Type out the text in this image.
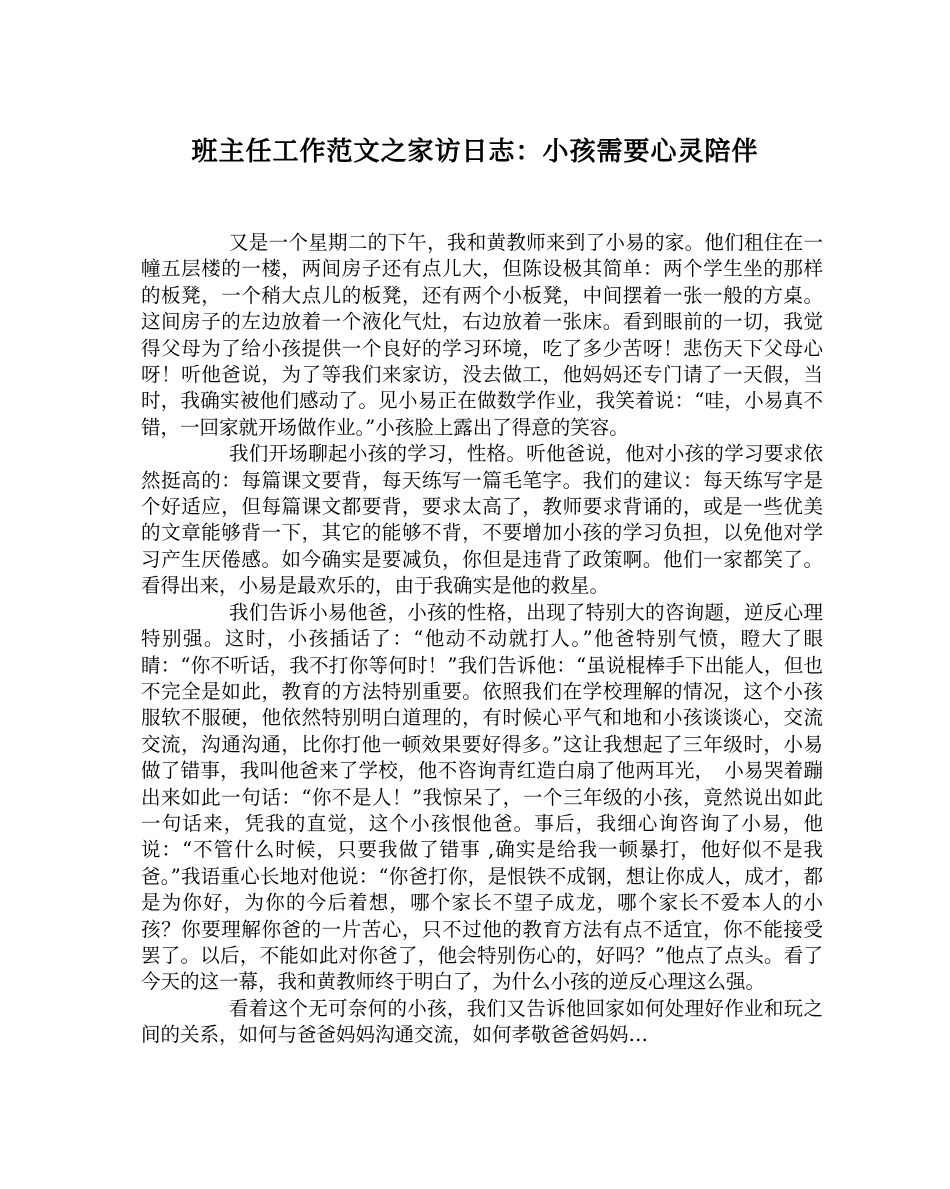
班主任工作范文之家访日志：小孩需要心灵陪伴

又是一个星期二的下午，我和黄教师来到了小易的家。他们租住在一幢五层楼的一楼，两间房子还有点儿大，但陈设极其简单：两个学生坐的那样的板凳，一个稍大点儿的板凳，还有两个小板凳，中间摆着一张一般的方桌。这间房子的左边放着一个液化气灶，右边放着一张床。看到眼前的一切，我觉得父母为了给小孩提供一个良好的学习环境，吃了多少苦呀！悲伤天下父母心呀！听他爸说，为了等我们来家访，没去做工，他妈妈还专门请了一天假，当时，我确实被他们感动了。见小易正在做数学作业，我笑着说：“哇，小易真不错，一回家就开场做作业。”小孩脸上露出了得意的笑容。

我们开场聊起小孩的学习，性格。听他爸说，他对小孩的学习要求依然挺高的：每篇课文要背，每天练写一篇毛笔字。我们的建议：每天练写字是个好适应，但每篇课文都要背，要求太高了，教师要求背诵的，或是一些优美的文章能够背一下，其它的能够不背，不要增加小孩的学习负担，以免他对学习产生厌倦感。如今确实是要减负，你但是违背了政策啊。他们一家都笑了。看得出来，小易是最欢乐的，由于我确实是他的救星。

我们告诉小易他爸，小孩的性格，出现了特别大的咨询题，逆反心理特别强。这时，小孩插话了：“他动不动就打人。”他爸特别气愤，瞪大了眼睛：“你不听话，我不打你等何时！”我们告诉他：“虽说棍棒手下出能人，但也不完全是如此，教育的方法特别重要。依照我们在学校理解的情况，这个小孩服软不服硬，他依然特别明白道理的，有时候心平气和地和小孩谈谈心，交流交流，沟通沟通，比你打他一顿效果要好得多。”这让我想起了三年级时，小易做了错事，我叫他爸来了学校，他不咨询青红造白扇了他两耳光，　小易哭着蹦出来如此一句话：“你不是人！”我惊呆了，一个三年级的小孩，竟然说出如此一句话来，凭我的直觉，这个小孩恨他爸。事后，我细心询咨询了小易，他说：“不管什么时候，只要我做了错事 ,确实是给我一顿暴打，他好似不是我爸。”我语重心长地对他说：“你爸打你，是恨铁不成钢，想让你成人，成才，都是为你好，为你的今后着想，哪个家长不望子成龙，哪个家长不爱本人的小孩？你要理解你爸的一片苦心，只不过他的教育方法有点不适宜，你不能接受罢了。以后，不能如此对你爸了，他会特别伤心的，好吗？”他点了点头。看了今天的这一幕，我和黄教师终于明白了，为什么小孩的逆反心理这么强。

看着这个无可奈何的小孩，我们又告诉他回家如何处理好作业和玩之间的关系，如何与爸爸妈妈沟通交流，如何孝敬爸爸妈妈…
